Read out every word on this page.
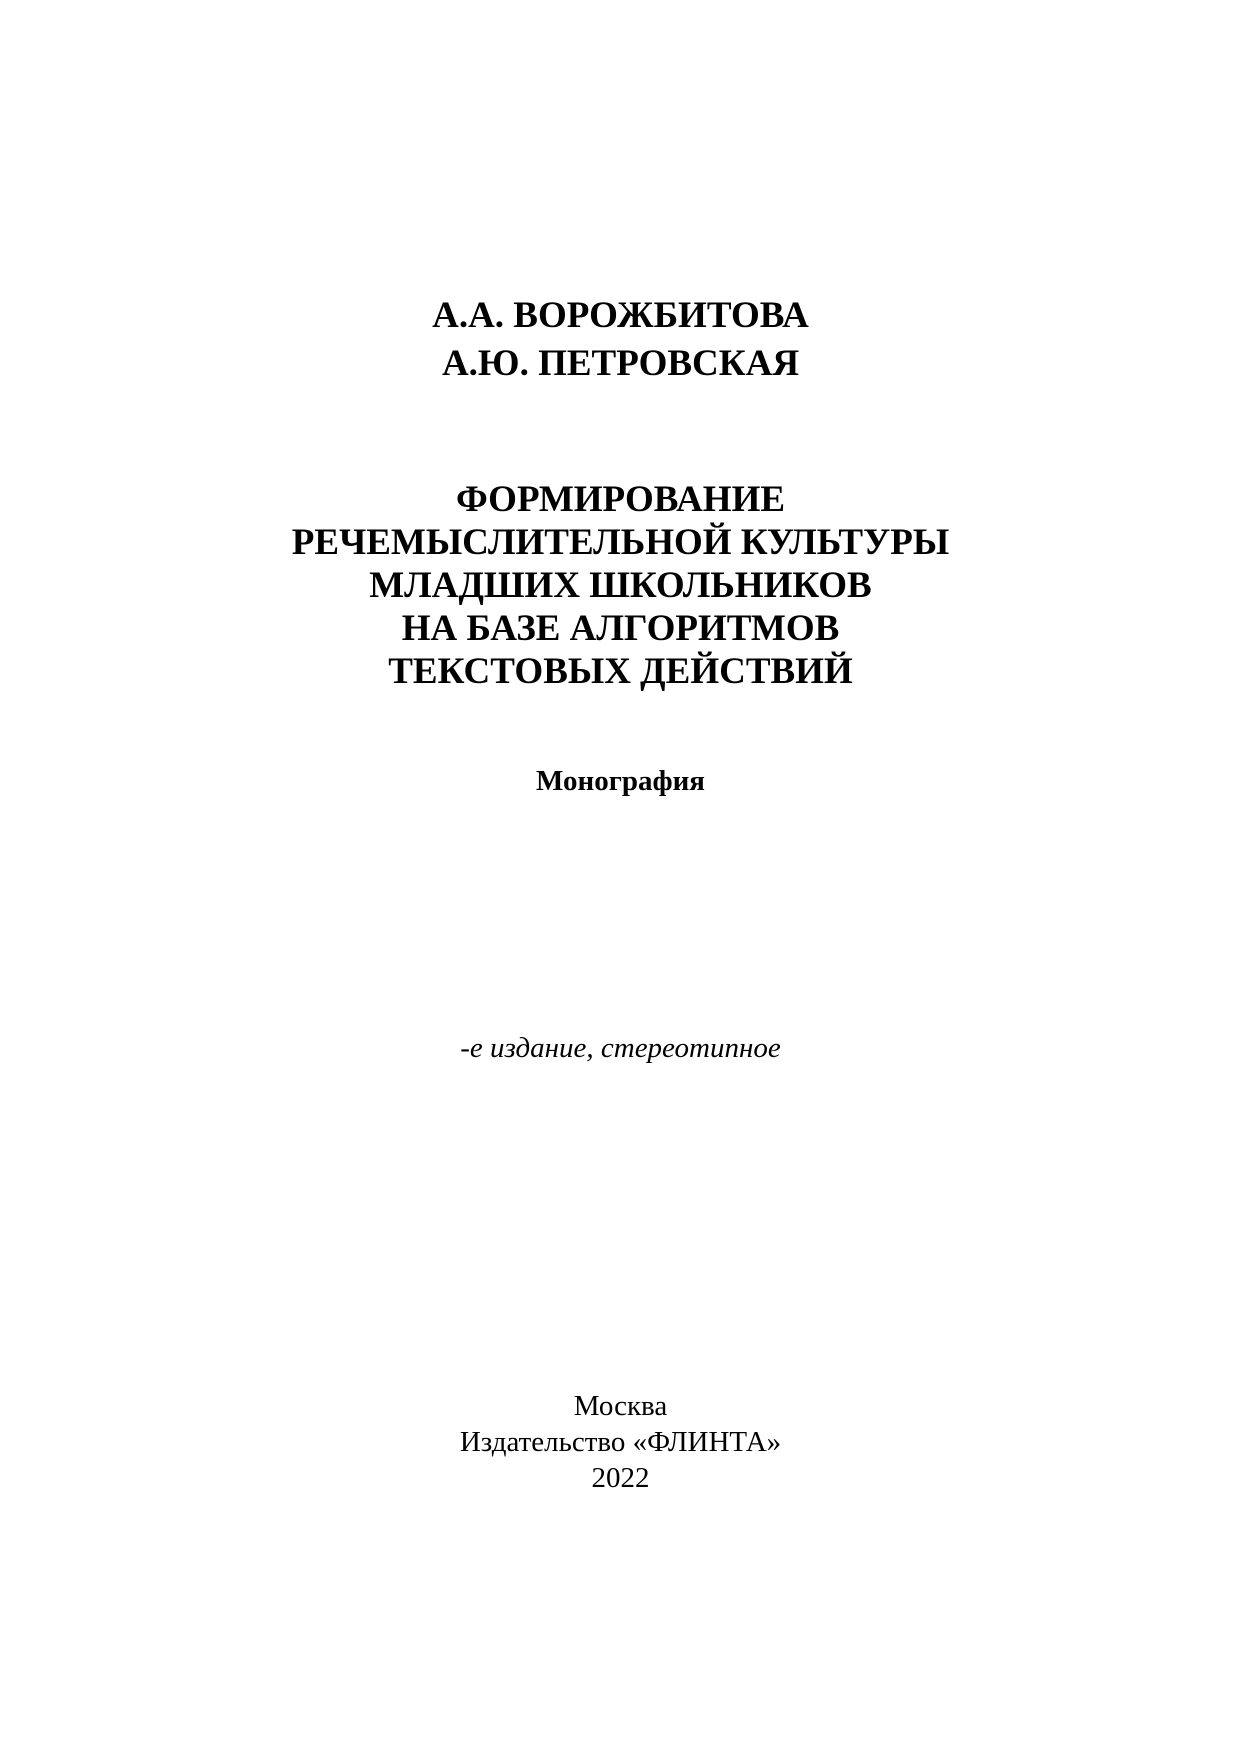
А.А. ВОРОЖБИТОВА
А.Ю. ПЕТРОВСКАЯ
ФОРМИРОВАНИЕ
РЕЧЕМЫСЛИТЕЛЬНОЙ КУЛЬТУРЫ
МЛАДШИХ ШКОЛЬНИКОВ
НА БАЗЕ АЛГОРИТМОВ
ТЕКСТОВЫХ ДЕЙСТВИЙ
Монография
-е издание, стереотипное
Москва
Издательство «ФЛИНТА»
2022
